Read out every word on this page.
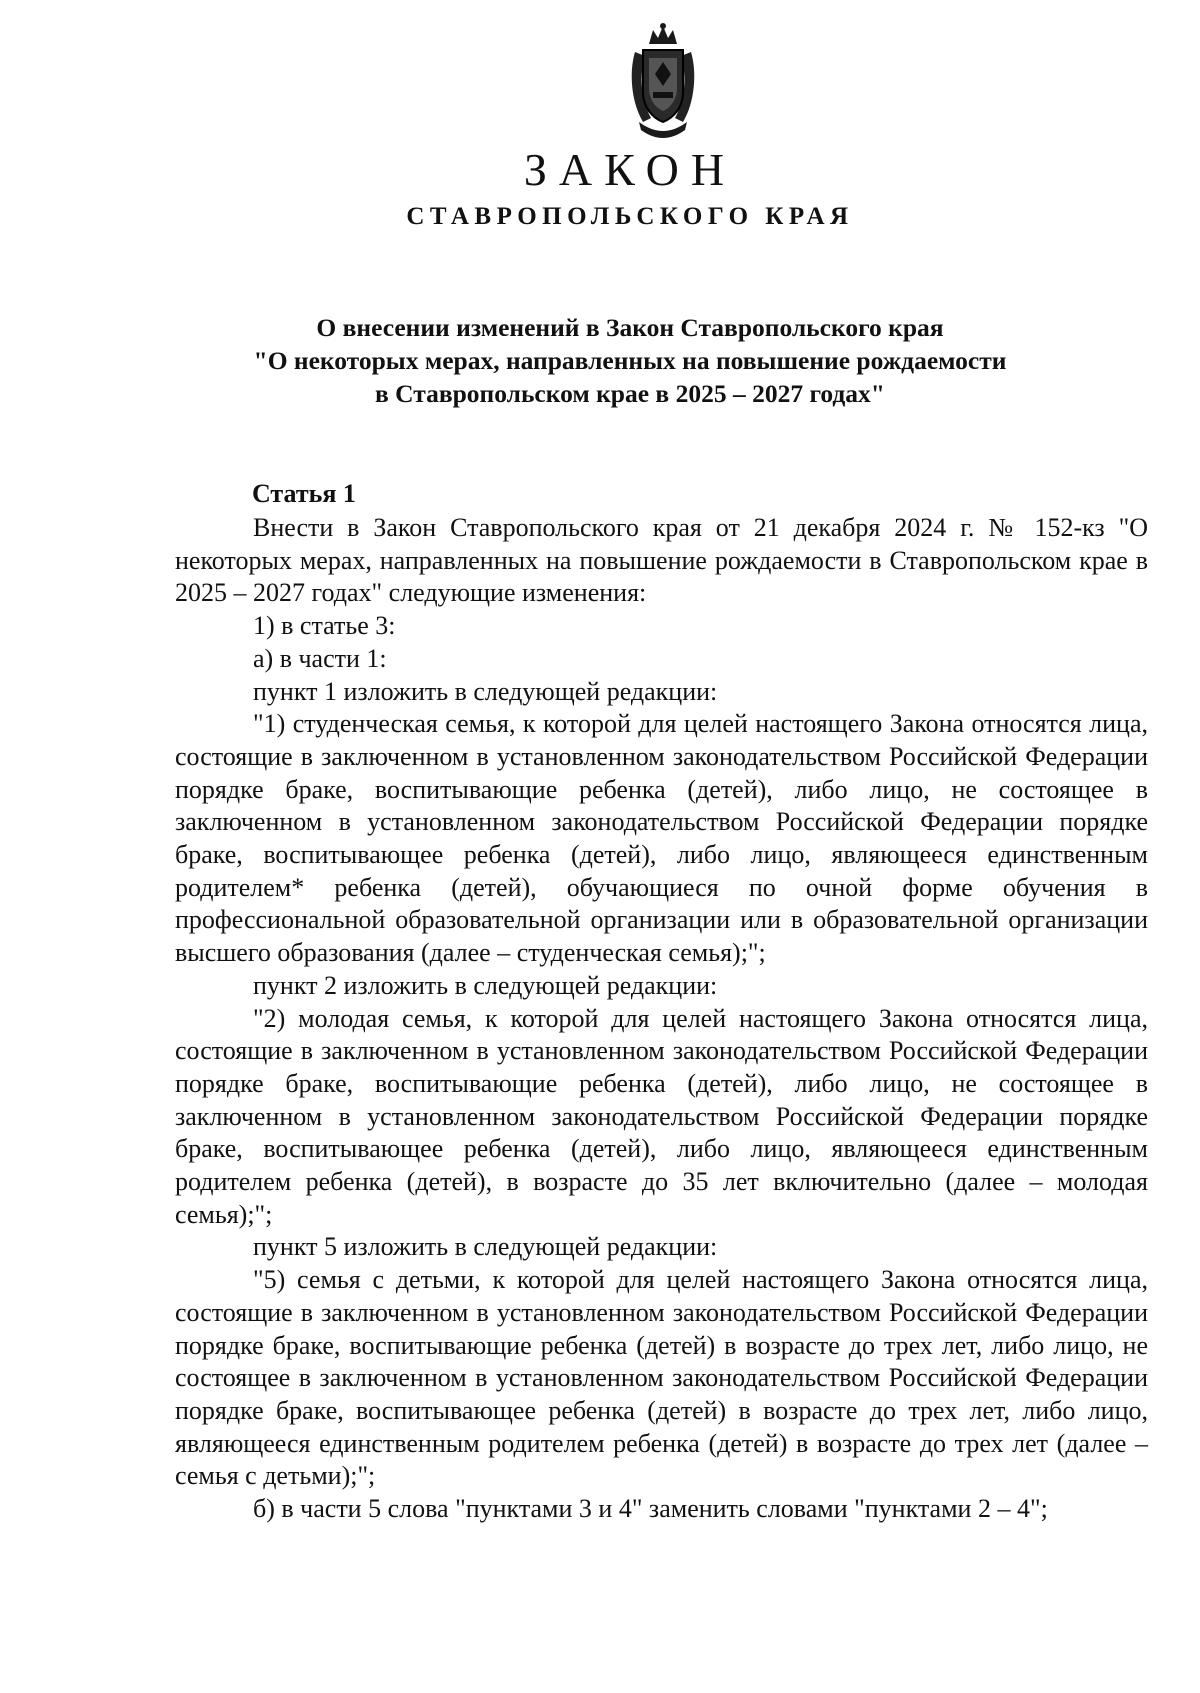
ЗАКОН
СТАВРОПОЛЬСКОГО КРАЯ
О внесении изменений в Закон Ставропольского края
"О некоторых мерах, направленных на повышение рождаемости
в Ставропольском крае в 2025 – 2027 годах"
Статья 1

Внести в Закон Ставропольского края от 21 декабря 2024 г. № 152-кз "О некоторых мерах, направленных на повышение рождаемости в Ставропольском крае в 2025 – 2027 годах" следующие изменения:

1) в статье 3:

а) в части 1:

пункт 1 изложить в следующей редакции:

"1) студенческая семья, к которой для целей настоящего Закона относятся лица, состоящие в заключенном в установленном законодательством Российской Федерации порядке браке, воспитывающие ребенка (детей), либо лицо, не состоящее в заключенном в установленном законодательством Российской Федерации порядке браке, воспитывающее ребенка (детей), либо лицо, являющееся единственным родителем* ребенка (детей), обучающиеся по очной форме обучения в профессиональной образовательной организации или в образовательной организации высшего образования (далее – студенческая семья);";

пункт 2 изложить в следующей редакции:

"2) молодая семья, к которой для целей настоящего Закона относятся лица, состоящие в заключенном в установленном законодательством Российской Федерации порядке браке, воспитывающие ребенка (детей), либо лицо, не состоящее в заключенном в установленном законодательством Российской Федерации порядке браке, воспитывающее ребенка (детей), либо лицо, являющееся единственным родителем ребенка (детей), в возрасте до 35 лет включительно (далее – молодая семья);";

пункт 5 изложить в следующей редакции:

"5) семья с детьми, к которой для целей настоящего Закона относятся лица, состоящие в заключенном в установленном законодательством Российской Федерации порядке браке, воспитывающие ребенка (детей) в возрасте до трех лет, либо лицо, не состоящее в заключенном в установленном законодательством Российской Федерации порядке браке, воспитывающее ребенка (детей) в возрасте до трех лет, либо лицо, являющееся единственным родителем ребенка (детей) в возрасте до трех лет (далее – семья с детьми);";

б) в части 5 слова "пунктами 3 и 4" заменить словами "пунктами 2 – 4";
